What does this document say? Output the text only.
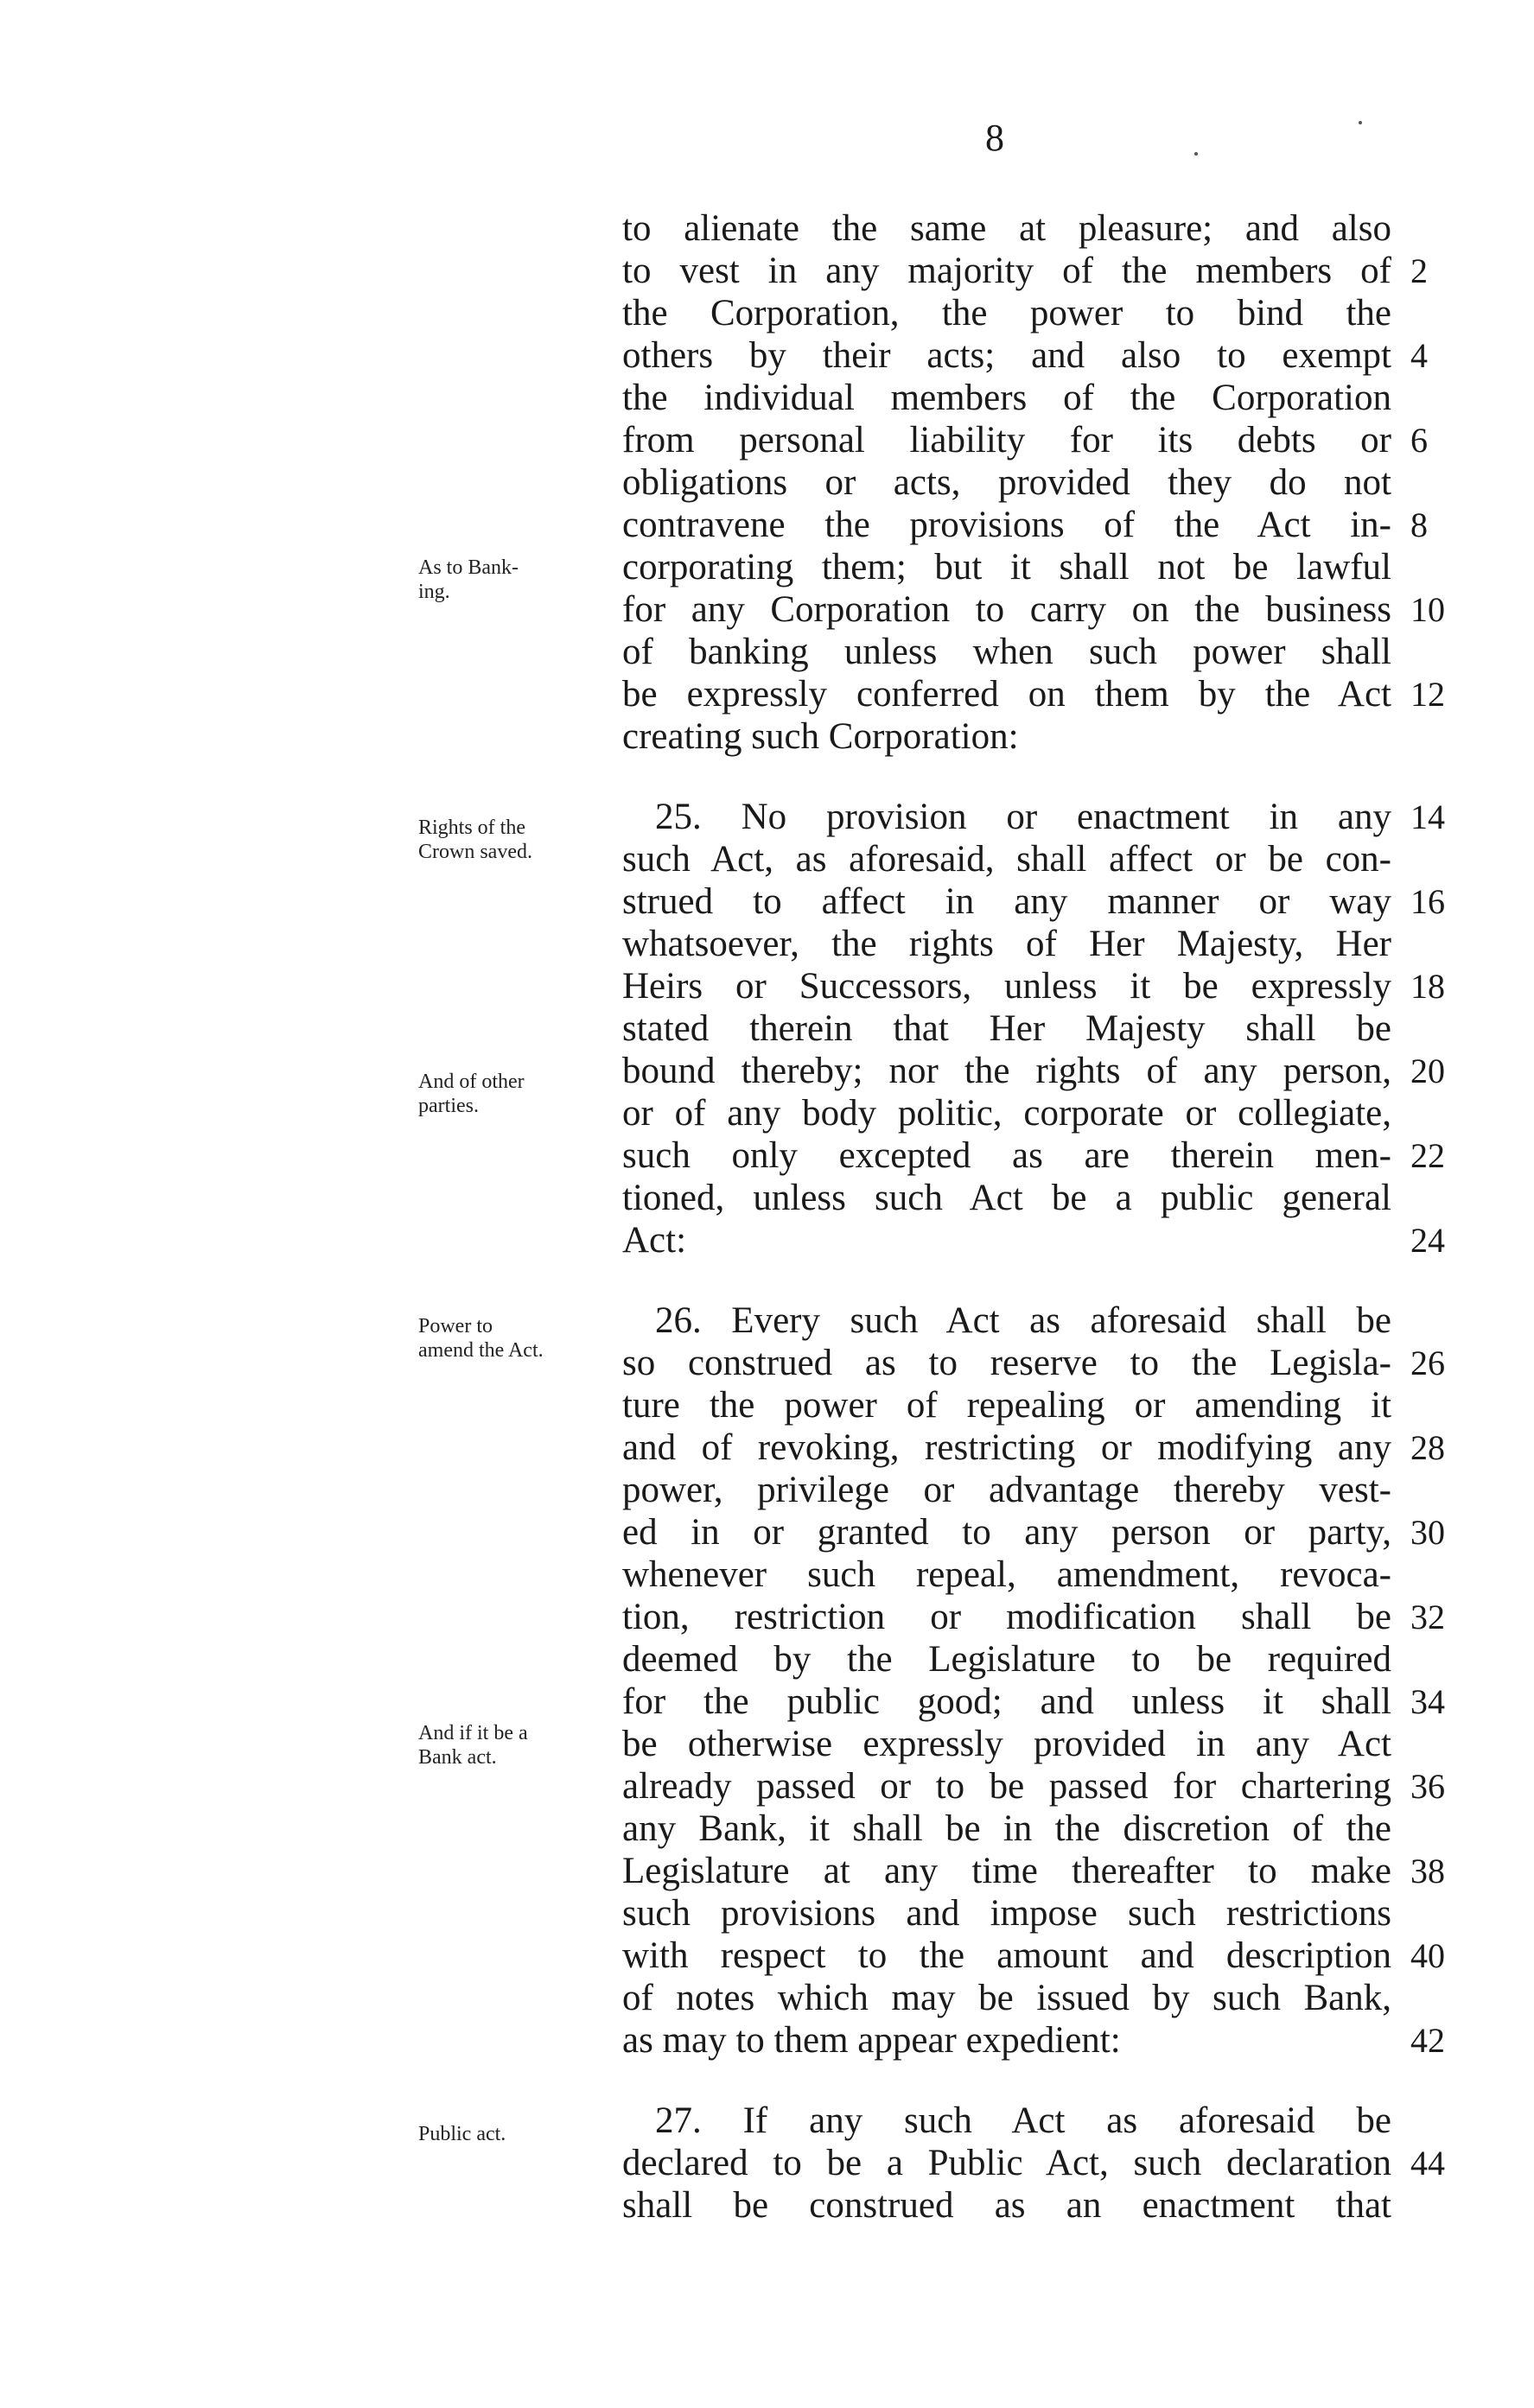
8
As to Bank-
ing.
Rights of the
Crown saved.
And of other
parties.
Power to
amend the Act.
And if it be a
Bank act.
Public act.
to alienate the same at pleasure; and also
to vest in any majority of the members of 2
the Corporation, the power to bind the
others by their acts; and also to exempt 4
the individual members of the Corporation
from personal liability for its debts or 6
obligations or acts, provided they do not
contravene the provisions of the Act in- 8
corporating them; but it shall not be lawful
for any Corporation to carry on the business 10
of banking unless when such power shall
be expressly conferred on them by the Act 12
creating such Corporation:
25. No provision or enactment in any 14
such Act, as aforesaid, shall affect or be con-
strued to affect in any manner or way 16
whatsoever, the rights of Her Majesty, Her
Heirs or Successors, unless it be expressly 18
stated therein that Her Majesty shall be
bound thereby; nor the rights of any person, 20
or of any body politic, corporate or collegiate,
such only excepted as are therein men- 22
tioned, unless such Act be a public general
Act:	24
26. Every such Act as aforesaid shall be
so construed as to reserve to the Legisla- 26
ture the power of repealing or amending it
and of revoking, restricting or modifying any 28
power, privilege or advantage thereby vest-
ed in or granted to any person or party, 30
whenever such repeal, amendment, revoca-
tion, restriction or modification shall be 32
deemed by the Legislature to be required
for the public good; and unless it shall 34
be otherwise expressly provided in any Act
already passed or to be passed for chartering 36
any Bank, it shall be in the discretion of the
Legislature at any time thereafter to make 38
such provisions and impose such restrictions
with respect to the amount and description 40
of notes which may be issued by such Bank,
as may to them appear expedient:	42
27. If any such Act as aforesaid be
declared to be a Public Act, such declaration 44
shall be construed as an enactment that
